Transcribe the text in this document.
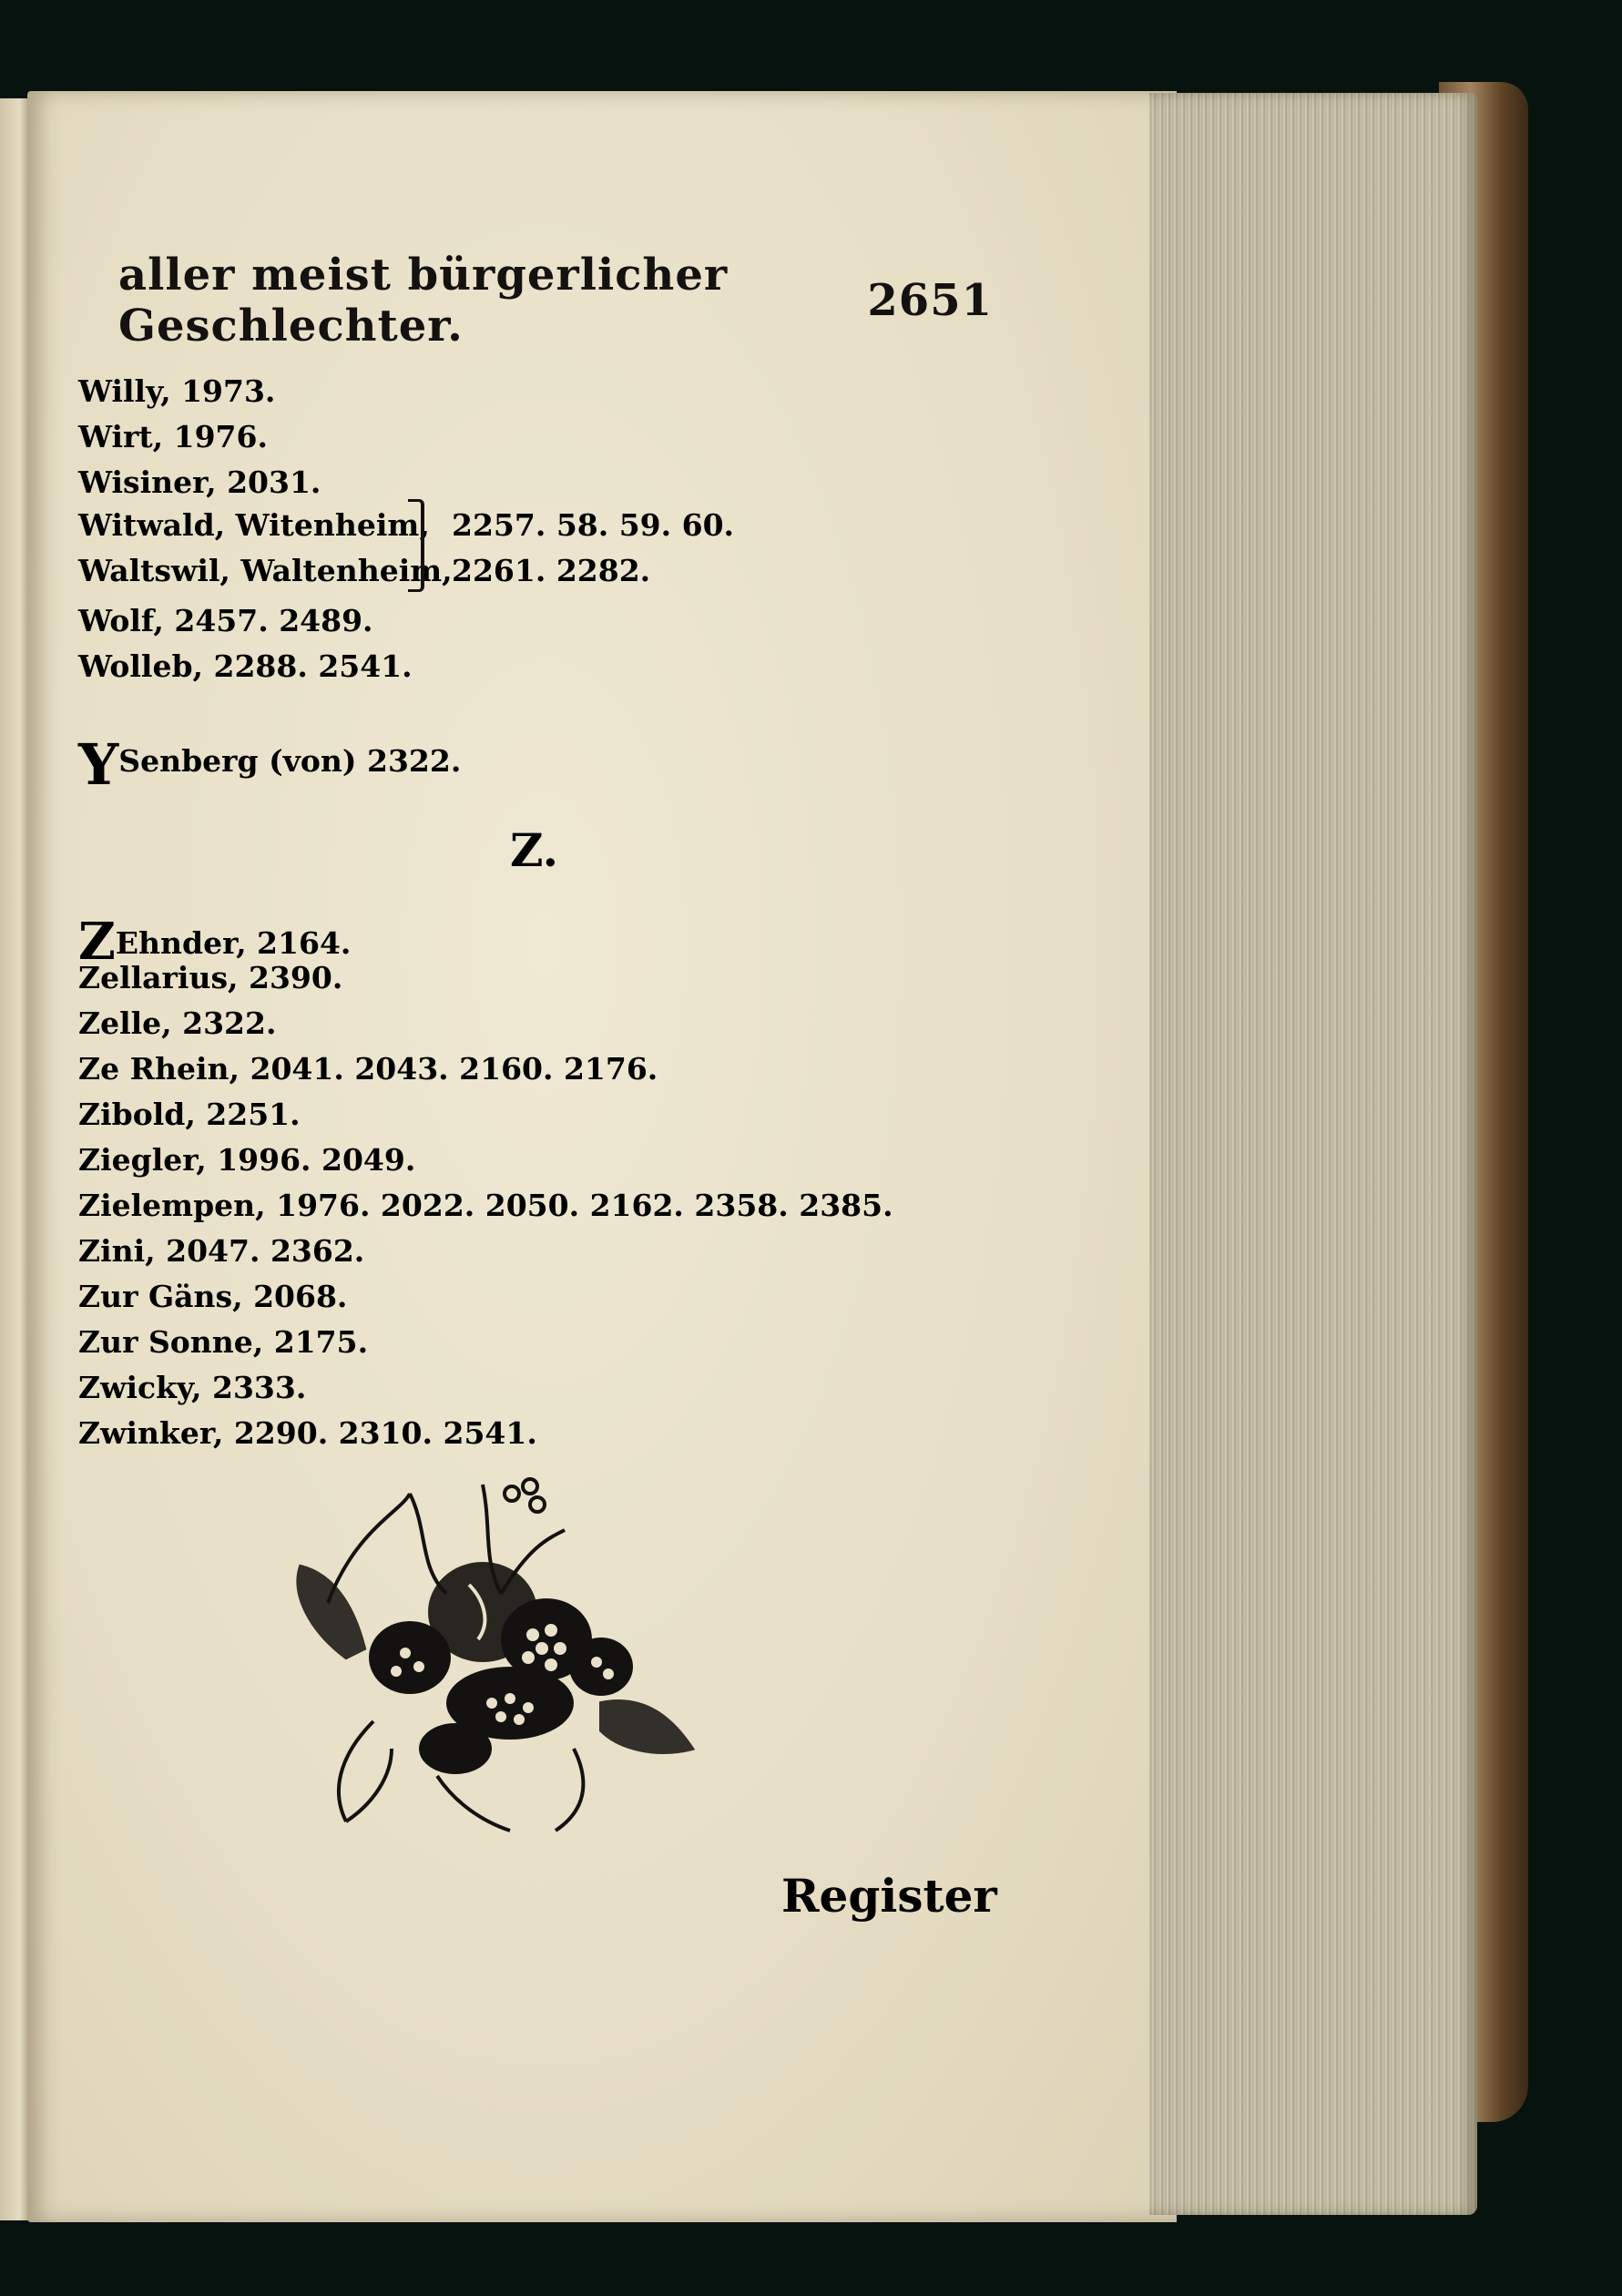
aller meist bürgerlicher Geschlechter.	2651
Willy, 1973.
Wirt, 1976.
Wisiner, 2031.
Witwald, Witenheim,
Waltswil, Waltenheim,
2257. 58. 59. 60.
2261. 2282.
Wolf, 2457. 2489.
Wolleb, 2288. 2541.
YSenberg (von) 2322.
Z.
ZEhnder, 2164.
Zellarius, 2390.
Zelle, 2322.
Ze Rhein, 2041. 2043. 2160. 2176.
Zibold, 2251.
Ziegler, 1996. 2049.
Zielempen, 1976. 2022. 2050. 2162. 2358. 2385.
Zini, 2047. 2362.
Zur Gäns, 2068.
Zur Sonne, 2175.
Zwicky, 2333.
Zwinker, 2290. 2310. 2541.
Register
